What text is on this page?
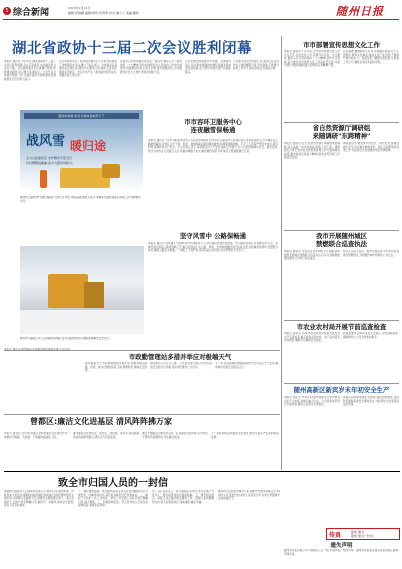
5 综合新闻	2023年1月11日
编辑:吴晨曦 编辑/审核:彭贤贤 校对:谢小兰 美编:魏娇	随州日报
湖北省政协十三届二次会议胜利闭幕
本报讯 通讯员 1月10日,湖北省政协十三届二次会议胜利闭幕,会议应到委员,实到委员符合法定人数。会议期间委员们认真履行职责,积极建言献策,审议通过各项决议。大会号召全体委员团结一致,为湖北建设全国构建新发展格局先行区而努力奋斗。
会议听取和审议了政协常务委员会工作报告和提案工作情况报告,审议通过了政治决议。全体委员以高度的政治责任感,围绕中心服务大局,提出大量有价值的意见建议。会议选举产生了新的政协领导成员,闭幕会由主席主持。
省委书记出席闭幕会并讲话。他指出,要深入学习贯彻党的二十大精神,坚持和加强党对人民政协工作的全面领导,把握团结和民主两大主题,更好凝聚共识,为全面建设社会主义现代化国家贡献力量。
会议在雄壮的国歌声中闭幕。全体委员表示,将以更加饱满的热情投身湖北高质量发展实践,奋力谱写中国式现代化湖北篇章。
大会秘书处发布闭幕公告,委员们在各自岗位上继续履职尽责,开拓进取,不断提升政协工作水平,推动各项任务落地见效。
随州市消雪 昨日全城市各地开下了
战风雪 暖归途
全力以赴保民安 守护群众平安出行
年轻群群说谢谢,各方力量共同助力。
随州市公路局(市交通运输局)1月9日至10日,连续奋战,组织人员分,车辆等设备打除冰扫雪等工作,保障群众出行。
图为市公路局工作人员和除雪车辆正在对公路积雪进行清理,保障群众安全出行。
市市容环卫服务中心
连夜融雪保畅通
本报讯 通讯员 1月8日晚,随州迎来入冬以来首场降雪,市市容环卫服务中心迅速启动应急预案,组织人员车辆连夜上路融雪除冰,对城区主次干道、桥梁、坡道等重点路段撒布融雪剂,确保道路通畅。环卫工人冒着严寒坚守岗位,清扫积雪,保障市民出行安全。中心负责人表示,将持续关注天气变化,做好应急值守,全力以赴保障城市运行。截至目前,累计出动作业人员数百人次,机械车辆数十台次,撒布融雪剂若干吨,城区主要道路通行正常。
坚守风雪中 公路保畅通
本报讯 通讯员 受寒潮天气影响,我市出现降雪天气,部分路段出现积雪结冰。市公路局迅速行动,组织养护人员、机械设备全面投入除雪保畅工作,重点对国省干线公路、桥梁、急弯陡坡路段进行巡查处置,及时撒布防滑料,设置警示标志,确保公路安全畅通。一线职工不畏严寒,连续奋战,以实际行动守护群众平安出行。
市政勤管理站多措并举应对极端天气
本报讯 通讯员 降雪期间,市政勤管理站提前部署,全员待命。
面对极端天气,市政勤管理站多措并举,加强对城区道路、桥梁、排水设施的巡查,及时清理积雪,排除安全隐患。
同时组织人员对人行道、公交站台进行清扫,为市民营造安全的出行环境,受到市民群众广泛好评。
下一步,该站将继续加强值班值守,密切关注天气变化,确保城市设施安全稳定运行。
曾都区:廉洁文化进基层 清风阵阵拂万家
本报讯 通讯员 近年来,曾都区坚持把廉洁文化建设作为一体推进不敢腐、不能腐、不想腐的基础性工程。
推动廉洁文化进机关、进社区、进校园、进家庭,营造崇廉尚洁的浓厚氛围,让清风正气充盈基层。
通过开展廉洁主题宣传活动、打造廉洁文化阵地,引导党员干部筑牢思想防线,守住廉洁底线。
下一步将持续深化廉洁文化建设,推动全面从严治党向纵深发展。
致全市归国人员的一封信
尊敬的归国留学人员和海外回国人员:新年将至,随州市委、市政府向大家致以诚挚的问候和美好的祝福!当前疫情防控进入新阶段,为保障大家健康平安,现就有关事项提示如下。请大家做好个人防护,科学佩戴口罩,勤洗手、常通风,保持社交距离,如有不适及时就医。
一、做好健康监测。抵达随州后请主动关注自身健康状况,出现发热、咳嗽等症状时,请及时到就近医疗机构就诊。二、做好个人防护。在公共场所、乘坐公共交通工具时应规范佩戴口罩,减少聚集。三、积极接种疫苗。符合条件的人员请及时接种疫苗,加强免疫屏障。
四、关心关爱家人。春节期间走亲访友,请尽量减少与老年人、慢性病患者的近距离接触。五、遵守相关规定。请配合社区做好相关服务工作。感谢大家的理解和支持,祝大家新春快乐,身体健康,阖家幸福!
随州市人民政府外事办公室 随州市归国华侨联合会 2023年1月 特此告知,欢迎大家回家过年,共同守护健康平安的新春佳节。
市市部署宣传思想文化工作
本报讯 通讯员 1月10日,全市宣传思想文化工作会议召开,总结去年工作,部署今年任务。会议要求,要深入学习贯彻党的二十大精神,坚持守正创新,奋力推动宣传思想文化工作高质量发展,为建设现代化随州提供强大思想保证和精神力量。
会议强调,要聚焦中心任务,加强理论武装,壮大主流舆论,繁荣文化事业,推动文化产业发展,不断提升城市软实力。各级各部门要强化责任担当,形成工作合力,确保各项任务落地见效。
省自然资源厅调研组
来随调研"东跨精神"
本报讯 通讯员 近日,省自然资源厅调研组来随调研,深入基层一线实地查看,听取工作汇报。调研组充分肯定我市在自然资源管理工作方面取得的成绩,要求持续弘扬奋斗精神,推动自然资源工作高质量发展。
调研组指出,要坚持节约优先、保护优先,统筹发展与安全,切实做好耕地保护、国土空间规划等各项工作,为经济社会发展提供坚实资源保障。
我市开展随州城区
禁燃联合巡查执法
本报讯 通讯员 为营造安全祥和的节日氛围,我市组织开展城区禁燃联合巡查执法行动,对违规燃放烟花爆竹行为进行依法查处。
执法人员深入社区、集市开展宣传,引导市民自觉遵守禁燃规定,共同维护城市环境和公共安全。
市农业农村局开展节前巡查检查
本报讯 通讯员 节前,市农业农村局组织开展安全生产巡查检查,重点检查农资市场、农产品质量安全等情况,确保节日期间安全稳定。
检查组要求各单位压实安全责任,及时消除隐患,保障群众过上安全祥和的春节。
随州高新区新宾岁末年初安全生产
本报讯 通讯员 岁末年初,随州高新区扎实开展安全生产大检查,对辖区重点企业、人员密集场所进行全面排查,督促企业落实主体责任。
高新区将持续加强安全监管,强化隐患整改,坚决防范遏制各类安全事故发生,为经济社会发展营造良好环境。
传真	随州日报社
随州日报社广告中心
遗失声明
随州市某某有限公司不慎遗失公章一枚,声明作废。特此声明。随州市某某商店遗失营业执照正副本,声明作废。
